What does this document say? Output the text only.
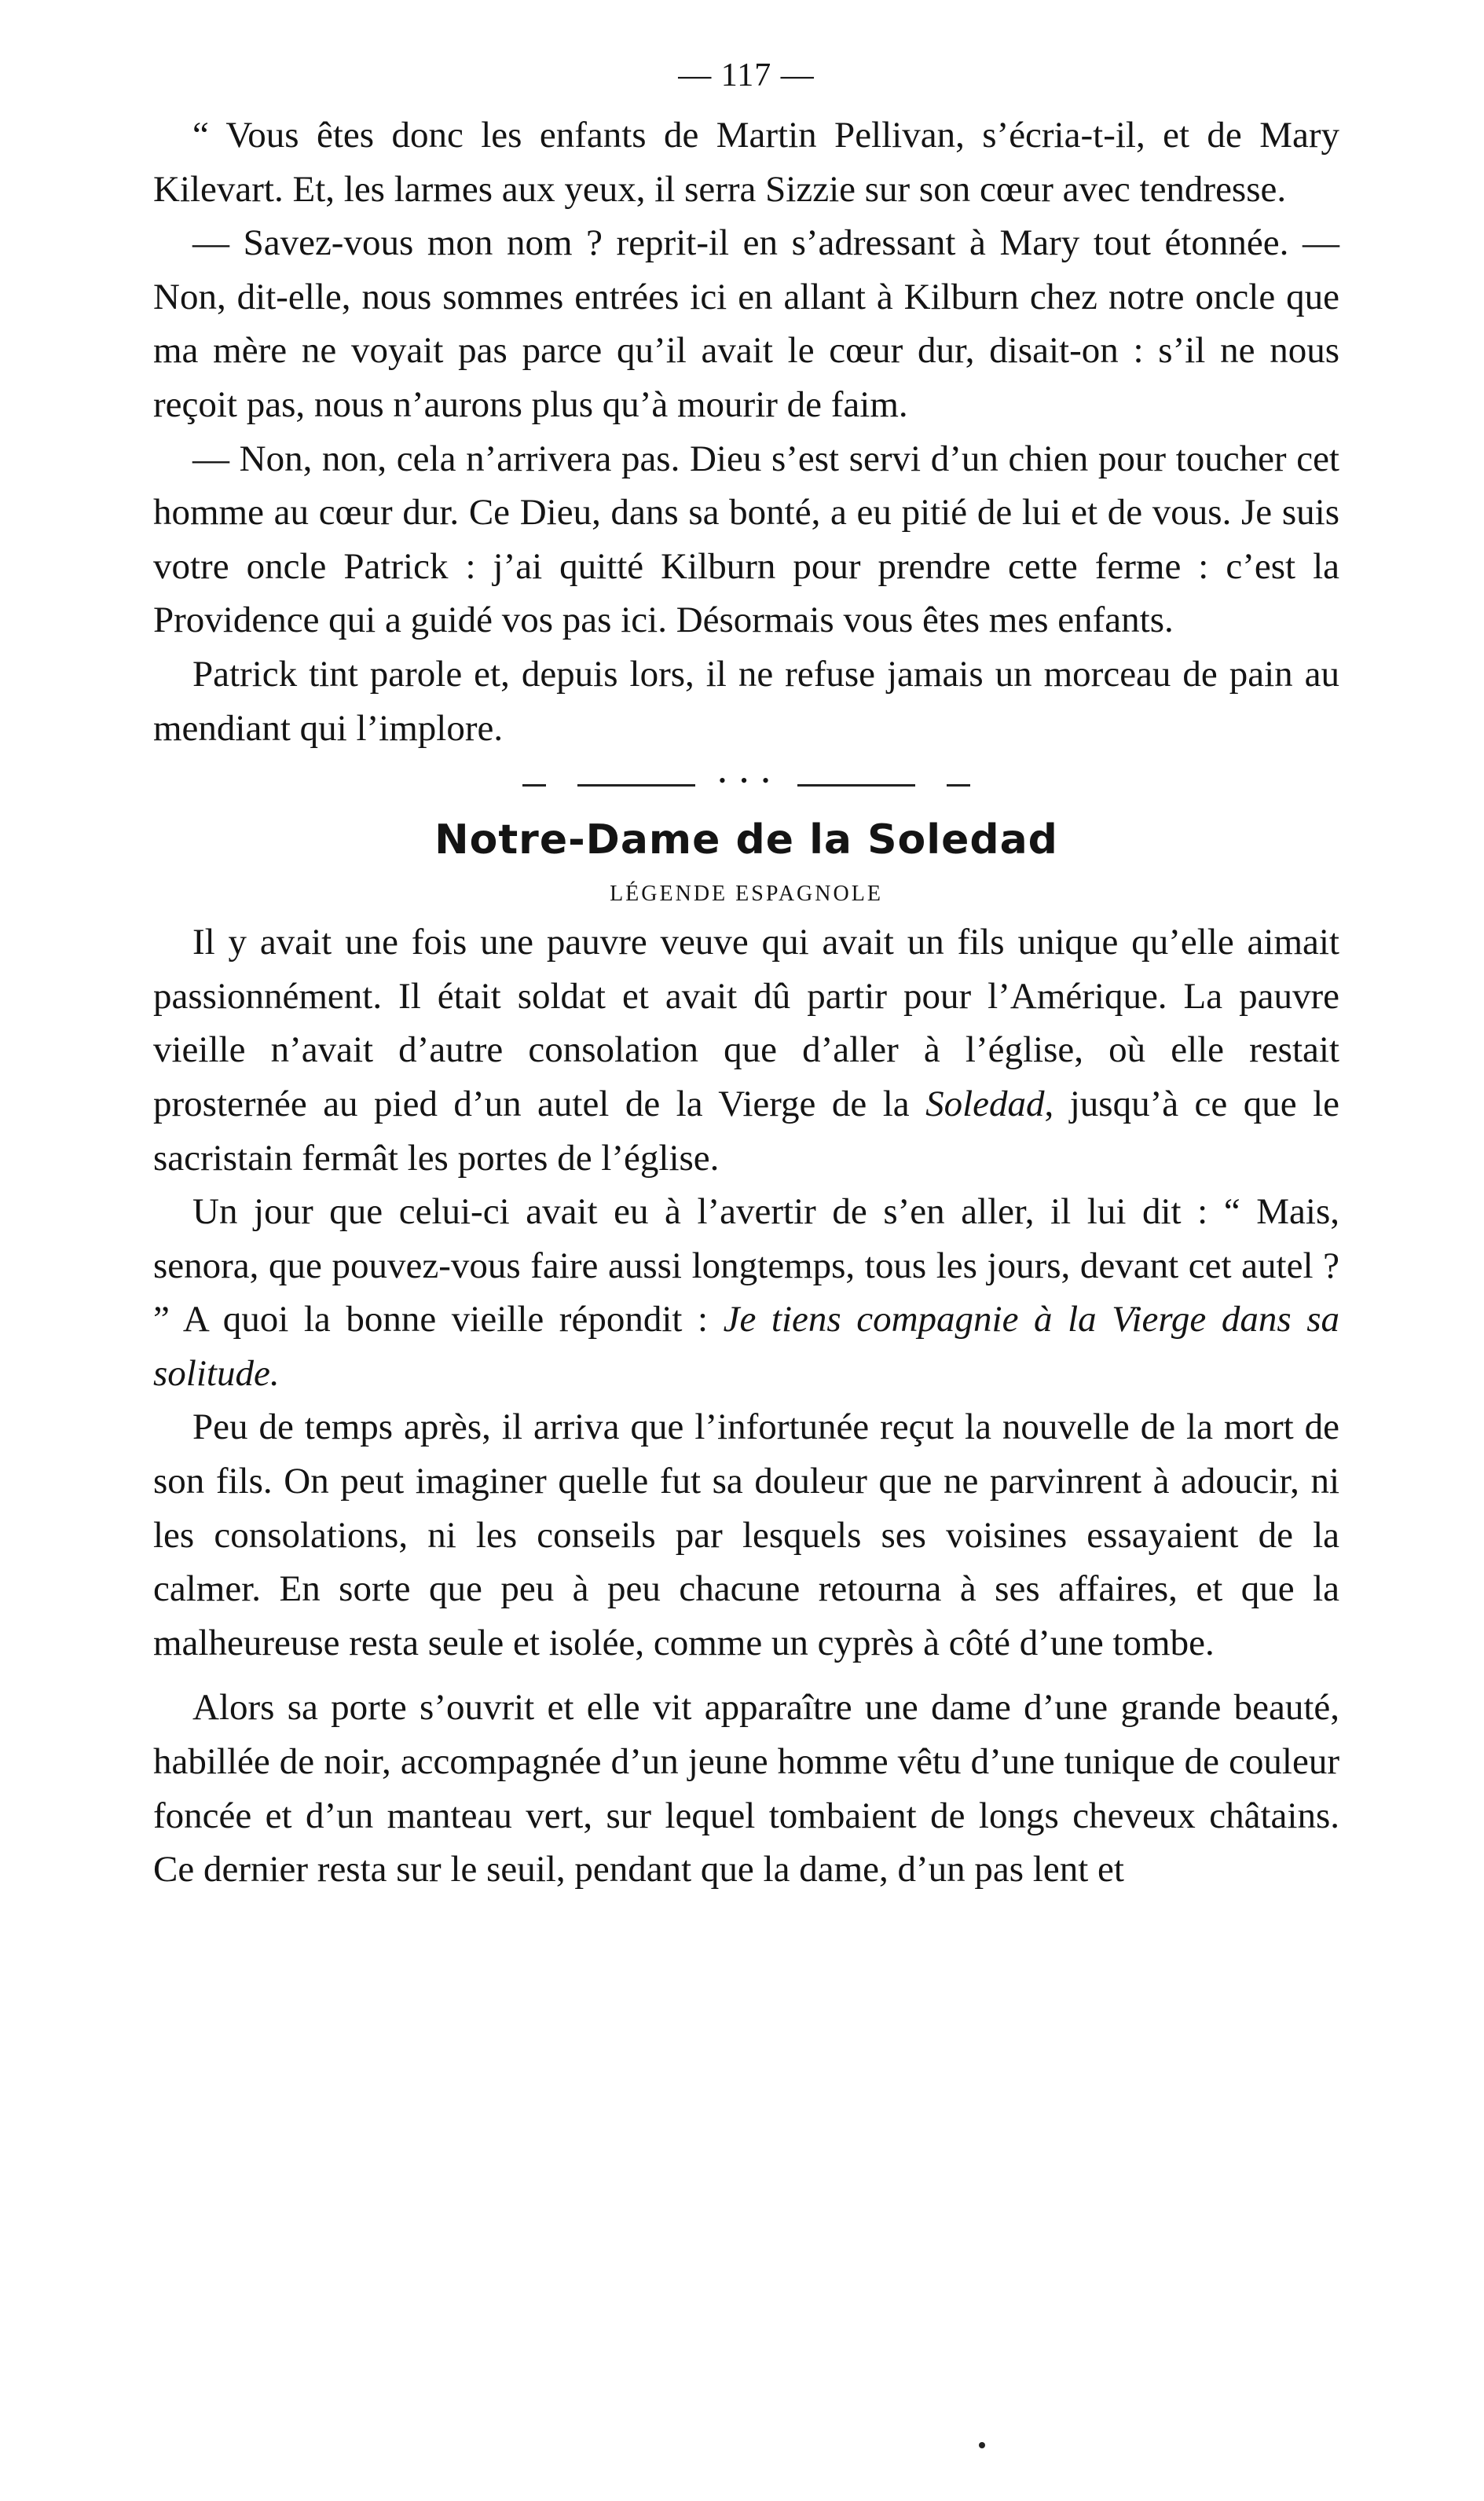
— 117 —

“ Vous êtes donc les enfants de Martin Pellivan, s’écria-t-il, et de Mary Kilevart. Et, les larmes aux yeux, il serra Sizzie sur son cœur avec tendresse.

— Savez-vous mon nom ? reprit-il en s’adressant à Mary tout étonnée. — Non, dit-elle, nous sommes entrées ici en allant à Kilburn chez notre oncle que ma mère ne voyait pas parce qu’il avait le cœur dur, disait-on : s’il ne nous reçoit pas, nous n’aurons plus qu’à mourir de faim.

— Non, non, cela n’arrivera pas. Dieu s’est servi d’un chien pour toucher cet homme au cœur dur. Ce Dieu, dans sa bonté, a eu pitié de lui et de vous. Je suis votre oncle Patrick : j’ai quitté Kilburn pour prendre cette ferme : c’est la Providence qui a guidé vos pas ici. Désormais vous êtes mes enfants.

Patrick tint parole et, depuis lors, il ne refuse jamais un morceau de pain au mendiant qui l’implore.

• • •
Notre-Dame de la Soledad
LÉGENDE ESPAGNOLE

Il y avait une fois une pauvre veuve qui avait un fils unique qu’elle aimait passionnément. Il était soldat et avait dû partir pour l’Amérique. La pauvre vieille n’avait d’autre consolation que d’aller à l’église, où elle restait prosternée au pied d’un autel de la Vierge de la Soledad, jusqu’à ce que le sacristain fermât les portes de l’église.

Un jour que celui-ci avait eu à l’avertir de s’en aller, il lui dit : “ Mais, senora, que pouvez-vous faire aussi longtemps, tous les jours, devant cet autel ? ” A quoi la bonne vieille répondit : Je tiens compagnie à la Vierge dans sa solitude.

Peu de temps après, il arriva que l’infortunée reçut la nouvelle de la mort de son fils. On peut imaginer quelle fut sa douleur que ne parvinrent à adoucir, ni les consolations, ni les conseils par lesquels ses voisines essayaient de la calmer. En sorte que peu à peu chacune retourna à ses affaires, et que la malheureuse resta seule et isolée, comme un cyprès à côté d’une tombe.

Alors sa porte s’ouvrit et elle vit apparaître une dame d’une grande beauté, habillée de noir, accompagnée d’un jeune homme vêtu d’une tunique de couleur foncée et d’un manteau vert, sur lequel tombaient de longs cheveux châtains. Ce dernier resta sur le seuil, pendant que la dame, d’un pas lent et
